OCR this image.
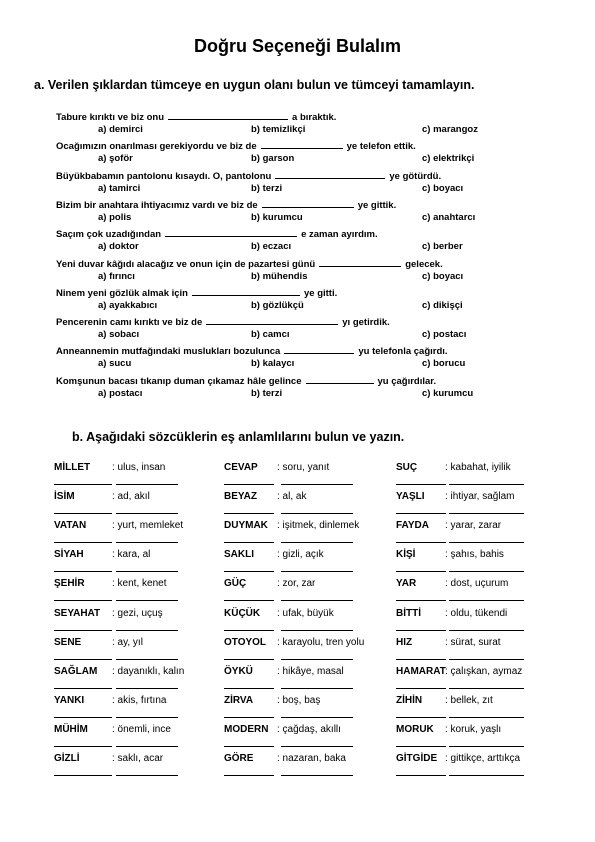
Doğru Seçeneği Bulalım
a. Verilen şıklardan tümceye en uygun olanı bulun ve tümceyi tamamlayın.
Tabure kırıktı ve biz onu	a bıraktık.
a) demirci	b) temizlikçi	c) marangoz
Ocağımızın onarılması gerekiyordu ve biz de	ye telefon ettik.
a) şoför	b) garson	c) elektrikçi
Büyükbabamın pantolonu kısaydı. O, pantolonu	ye götürdü.
a) tamirci	b) terzi	c) boyacı
Bizim bir anahtara ihtiyacımız vardı ve biz de	ye gittik.
a) polis	b) kurumcu	c) anahtarcı
Saçım çok uzadığından	e zaman ayırdım.
a) doktor	b) eczacı	c) berber
Yeni duvar kâğıdı alacağız ve onun için de pazartesi günü	gelecek.
a) fırıncı	b) mühendis	c) boyacı
Ninem yeni gözlük almak için	ye gitti.
a) ayakkabıcı	b) gözlükçü	c) dikişçi
Pencerenin camı kırıktı ve biz de	yı getirdik.
a) sobacı	b) camcı	c) postacı
Anneannemin mutfağındaki muslukları bozulunca	yu telefonla çağırdı.
a) sucu	b) kalaycı	c) borucu
Komşunun bacası tıkanıp duman çıkamaz hâle gelince	yu çağırdılar.
a) postacı	b) terzi	c) kurumcu
b. Aşağıdaki sözcüklerin eş anlamlılarını bulun ve yazın.
MİLLET : ulus, insan	CEVAP : soru, yanıt	SUÇ	: kabahat, iyilik
İSİM	: ad, akıl	BEYAZ : al, ak	YAŞLI : ihtiyar, sağlam
VATAN	: yurt, memleket	DUYMAK : işitmek, dinlemek	FAYDA : yarar, zarar
SİYAH	: kara, al	SAKLI : gizli, açık	KİŞİ	: şahıs, bahis
ŞEHİR	: kent, kenet	GÜÇ	: zor, zar	YAR	: dost, uçurum
SEYAHAT : gezi, uçuş	KÜÇÜK : ufak, büyük	BİTTİ : oldu, tükendi
SENE	: ay, yıl	OTOYOL : karayolu, tren yolu	HIZ	: sürat, surat
SAĞLAM : dayanıklı, kalın	ÖYKÜ : hikâye, masal	HAMARAT : çalışkan, aymaz
YANKI	: akis, fırtına	ZİRVA : boş, baş	ZİHİN : bellek, zıt
MÜHİM : önemli, ince	MODERN : çağdaş, akıllı	MORUK : koruk, yaşlı
GİZLİ	: saklı, acar	GÖRE : nazaran, baka	GİTGİDE : gittikçe, arttıkça
